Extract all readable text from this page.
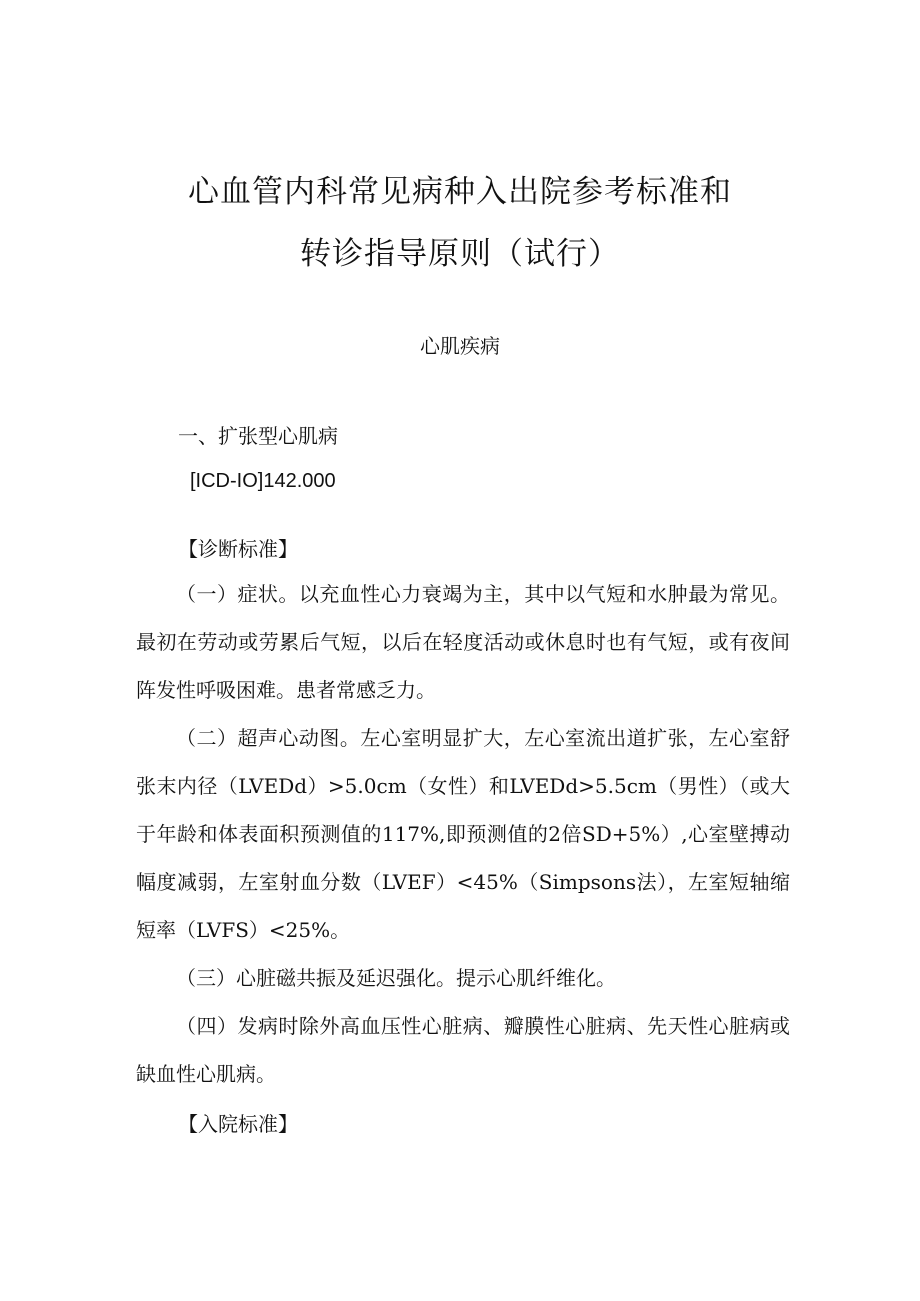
心血管内科常见病种入出院参考标准和
转诊指导原则（试行）
心肌疾病
一、扩张型心肌病
[ICD-IO]142.000
【诊断标准】
（一）症状。以充血性心力衰竭为主，其中以气短和水肿最为常见。最初在劳动或劳累后气短，以后在轻度活动或休息时也有气短，或有夜间阵发性呼吸困难。患者常感乏力。
（二）超声心动图。左心室明显扩大，左心室流出道扩张，左心室舒张末内径（LVEDd）>5.0cm（女性）和LVEDd>5.5cm（男性）（或大于年龄和体表面积预测值的117%,即预测值的2倍SD+5%）,心室壁搏动幅度减弱，左室射血分数（LVEF）<45%（Simpsons法），左室短轴缩短率（LVFS）<25%。
（三）心脏磁共振及延迟强化。提示心肌纤维化。
（四）发病时除外高血压性心脏病、瓣膜性心脏病、先天性心脏病或缺血性心肌病。
【入院标准】
